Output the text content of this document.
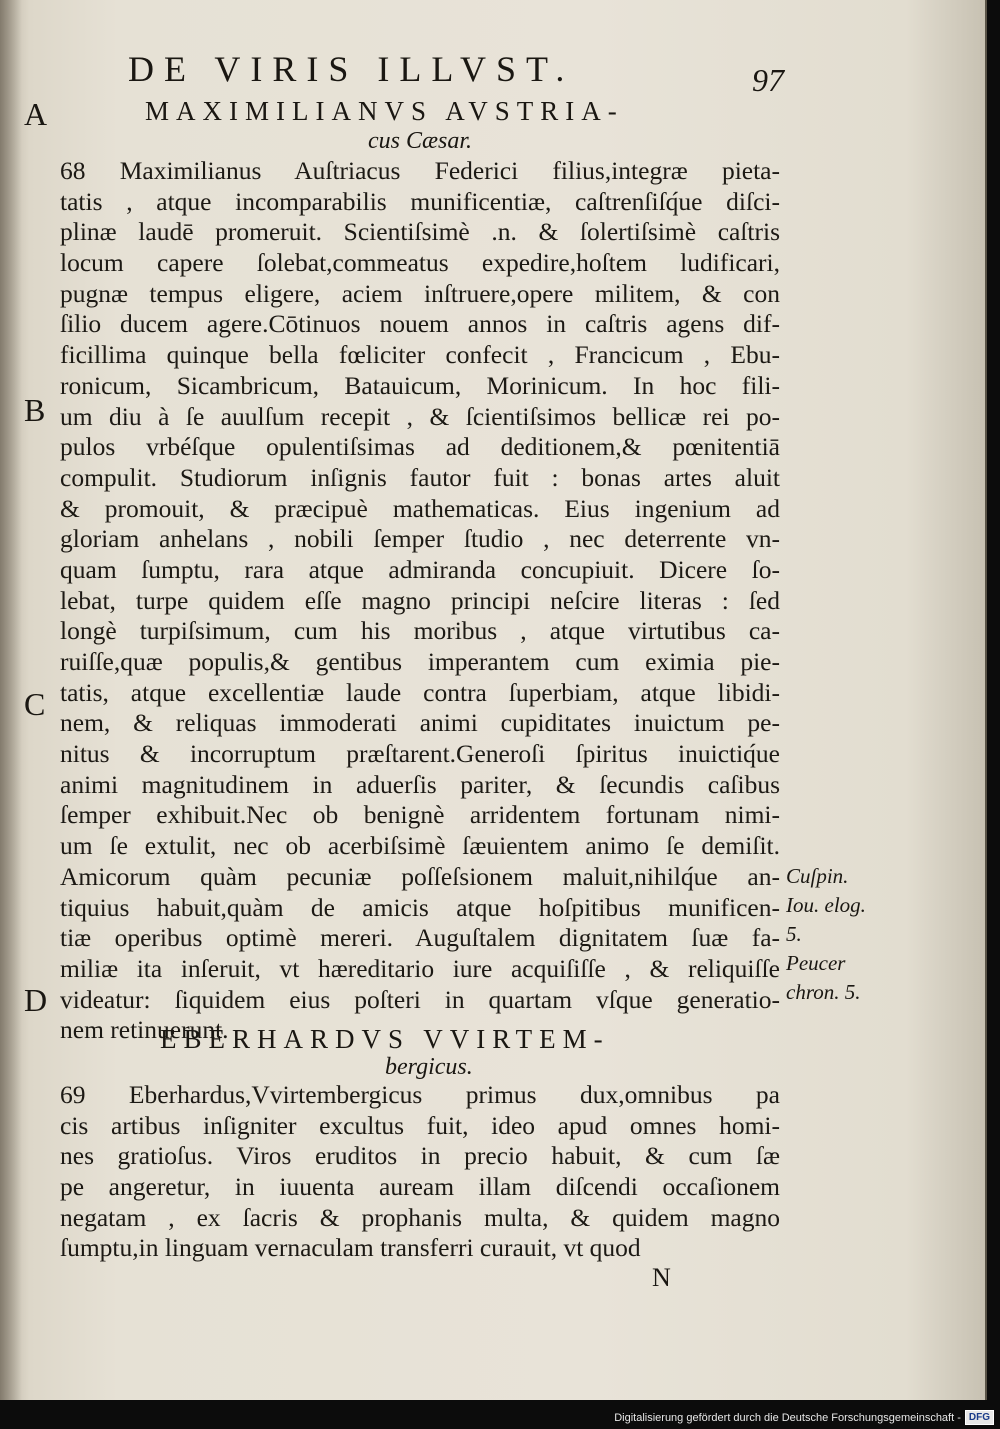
DE VIRIS ILLVST.	97
A
B
C
D
MAXIMILIANVS AVSTRIA-
cus Cæsar.
68 Maximilianus Auſtriacus Federici filius,integræ pieta-
tatis , atque incomparabilis munificentiæ, caſtrenſiſq́ue diſci-
plinæ laudē promeruit. Scientiſsimè .n. & ſolertiſsimè caſtris
locum capere ſolebat,commeatus expedire,hoſtem ludificari,
pugnæ tempus eligere, aciem inſtruere,opere militem, & con
ſilio ducem agere.Cōtinuos nouem annos in caſtris agens dif-
ficillima quinque bella fœliciter confecit , Francicum , Ebu-
ronicum, Sicambricum, Batauicum, Morinicum. In hoc fili-
um diu à ſe auulſum recepit , & ſcientiſsimos bellicæ rei po-
pulos vrbéſque opulentiſsimas ad deditionem,& pœnitentiā
compulit. Studiorum inſignis fautor fuit : bonas artes aluit
& promouit, & præcipuè mathematicas. Eius ingenium ad
gloriam anhelans , nobili ſemper ſtudio , nec deterrente vn-
quam ſumptu, rara atque admiranda concupiuit. Dicere ſo-
lebat, turpe quidem eſſe magno principi neſcire literas : ſed
longè turpiſsimum, cum his moribus , atque virtutibus ca-
ruiſſe,quæ populis,& gentibus imperantem cum eximia pie-
tatis, atque excellentiæ laude contra ſuperbiam, atque libidi-
nem, & reliquas immoderati animi cupiditates inuictum pe-
nitus & incorruptum præſtarent.Generoſi ſpiritus inuictiq́ue
animi magnitudinem in aduerſis pariter, & ſecundis caſibus
ſemper exhibuit.Nec ob benignè arridentem fortunam nimi-
um ſe extulit, nec ob acerbiſsimè ſæuientem animo ſe demiſit.
Amicorum quàm pecuniæ poſſeſsionem maluit,nihilq́ue an-
tiquius habuit,quàm de amicis atque hoſpitibus munificen-
tiæ operibus optimè mereri. Auguſtalem dignitatem ſuæ fa-
miliæ ita inſeruit, vt hæreditario iure acquiſiſſe , & reliquiſſe
videatur: ſiquidem eius poſteri in quartam vſque generatio-
nem retinuerunt.
Cuſpin.
Iou. elog.
5.
Peucer
chron. 5.
EBERHARDVS VVIRTEM-
bergicus.
69 Eberhardus,Vvirtembergicus primus dux,omnibus pa
cis artibus inſigniter excultus fuit, ideo apud omnes homi-
nes gratioſus. Viros eruditos in precio habuit, & cum ſæ
pe angeretur, in iuuenta auream illam diſcendi occaſionem
negatam , ex ſacris & prophanis multa, & quidem magno
ſumptu,in linguam vernaculam transferri curauit, vt quod
N
Digitalisierung gefördert durch die Deutsche Forschungsgemeinschaft - DFG
